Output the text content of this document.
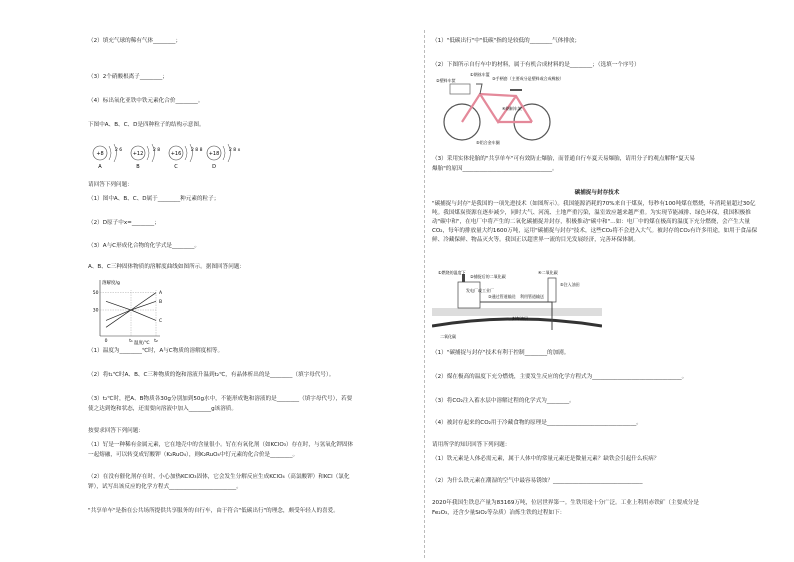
（2）填充气球的稀有气体________；
（3）2个硝酸根离子________；
（4）标出氧化亚铁中铁元素化合价________。
下图中A、B、C、D是四种粒子的结构示意图。
+8
2 6
A
+12
2 8
B
+16
2 8 8
C
+18
2 8 x
D
请回答下列问题：
（1）图中A、B、C、D属于________种元素的粒子；
（2）D原子中x=________；
（3）A与C形成化合物的化学式是________。
A、B、C三种固体物质的溶解度曲线如图所示。据图回答问题：
溶解度/g
温度/℃
0	t₁	t₂
30
50	A
B
C
（1）温度为________℃时，A与C物质的溶解度相等。
（2）将t₁℃时A、B、C三种物质的饱和溶液升温到t₂℃，有晶体析出的是________（填字母代号）。
（3）t₂℃时，把A、B物质各30g分别加到50g水中，不能形成饱和溶液的是________（填字母代号），若要
使之达到饱和状态，还需要向溶液中加入________g该溶质。
按要求回答下列问题：
（1）钌是一种稀有金属元素，它在地壳中的含量很小。钌在有氧化剂（如KClO₃）存在时，与氢氧化钾固体
一起熔融，可以转变成钌酸钾（K₂RuO₄），则K₂RuO₄中钌元素的化合价是________。
（2）在没有催化剂存在时，小心加热KClO₃固体，它会发生分解反应生成KClO₄（高氯酸钾）和KCl（氯化
钾），试写出该反应的化学方程式________________________。
"共享单车"是指在公共场所提供共享服务的自行车，由于符合"低碳出行"的理念，颇受年轻人的喜爱。
（1）"低碳出行"中"低碳"指的是较低的________气体排放；
（2）下图所示自行车中的材料，属于有机合成材料的是________；（选填一个序号）
①钢丝车篮
②塑料车筐	③手柄套（主要成分是塑料或合成橡胶）
④钢制车架
⑤铝合金车圈
（3）采用实体轮胎的"共享单车"可有效防止爆胎，而普通自行车夏天易爆胎，请用分子的观点解释"夏天易
爆胎"的原因________________________________。
碳捕捉与封存技术
"碳捕捉与封存"是我国的一项先进技术（如图所示）。我国能源消耗的70%来自于煤炭，每秒有100吨煤在燃烧，年消耗量超过30亿吨。我国煤炭资源在逐步减少，同时大气、河流、土地严重污染，温室效应越来越严重。为实现节能减排、绿色环保，我国积极推动"碳中和"，在电厂中将产生的二氧化碳捕捉并封存，积极推动"碳中和"…如：电厂中的煤在极高的温度下充分燃烧，会产生大量CO₂，每年的排放量大约1600万吨，运用"碳捕捉与封存"技术，这些CO₂将不会进入大气。被封存的CO₂有许多用途，如用于食品保鲜、冷藏保鲜、物品灭火等。我国正以超世界一流的目光发展经济，完善环保体制。
①燃烧的温度下
②捕捉后的二氧化碳
发电厂或工业厂
③通过管道输送 利用管道输送
④二氧化碳
⑤注入油田
封存油层
二氧化碳
（1）"碳捕捉与封存"技术有利于控制________的加剧。
（2）煤在极高的温度下充分燃烧，主要发生反应的化学方程式为________________________________。
（3）将CO₂注入蓄水层中溶解过程的化学式为________。
（4）被封存起来的CO₂用于冷藏食物的原理是________________________________。
请用所学的知识回答下列问题：
（1）铁元素是人体必需元素，属于人体中的常量元素还是微量元素？缺铁会引起什么疾病？
（2）为什么铁元素在潮湿的空气中最容易锈蚀？________________________________
2020年我国生铁总产量为83169万吨，位居世界第一。生铁用途十分广泛。工业上利用赤铁矿（主要成分是
Fe₂O₃，还含少量SiO₂等杂质）冶炼生铁的过程如下：
